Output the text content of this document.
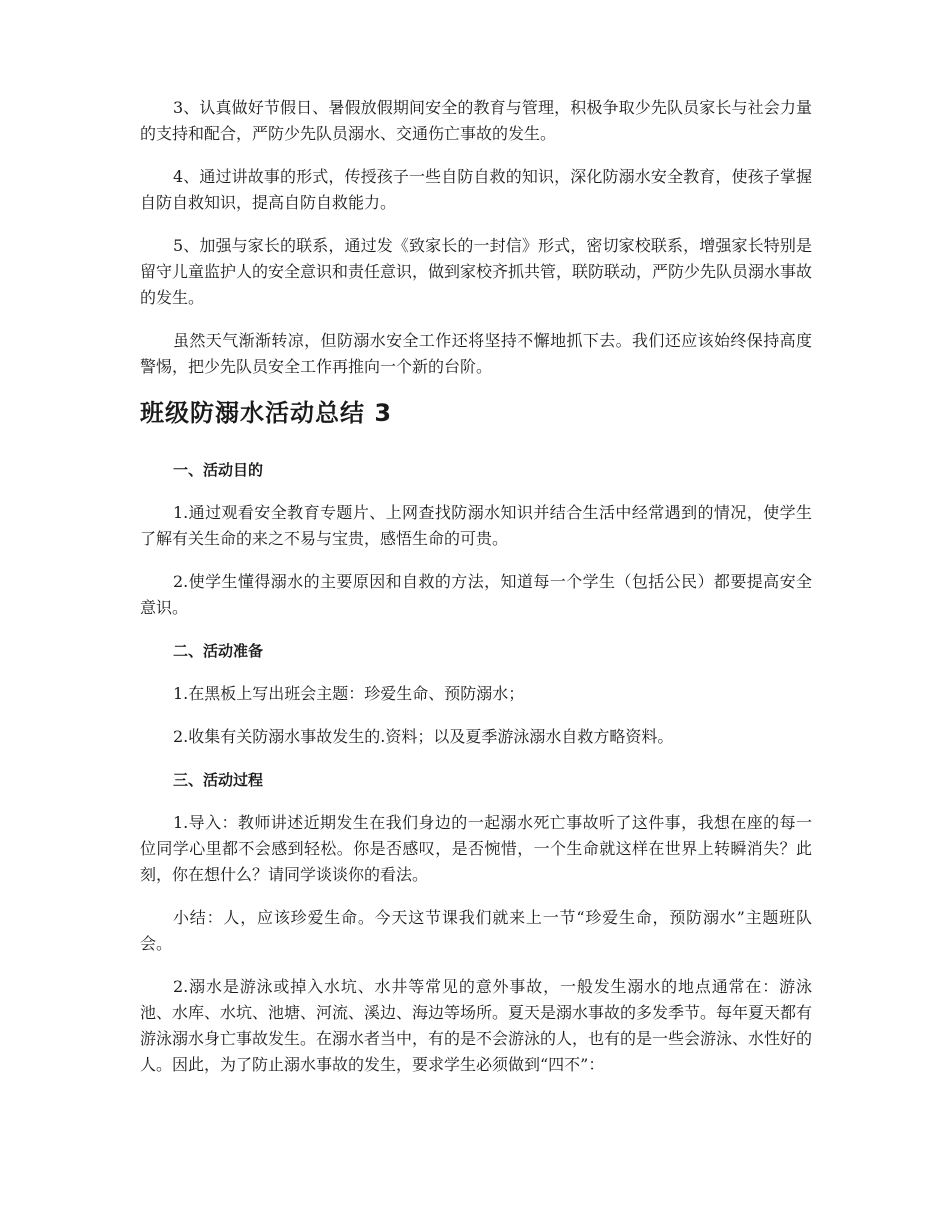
3、认真做好节假日、暑假放假期间安全的教育与管理，积极争取少先队员家长与社会力量的支持和配合，严防少先队员溺水、交通伤亡事故的发生。

4、通过讲故事的形式，传授孩子一些自防自救的知识，深化防溺水安全教育，使孩子掌握自防自救知识，提高自防自救能力。

5、加强与家长的联系，通过发《致家长的一封信》形式，密切家校联系，增强家长特别是留守儿童监护人的安全意识和责任意识，做到家校齐抓共管，联防联动，严防少先队员溺水事故的发生。

虽然天气渐渐转凉，但防溺水安全工作还将坚持不懈地抓下去。我们还应该始终保持高度警惕，把少先队员安全工作再推向一个新的台阶。

班级防溺水活动总结 3

一、活动目的

1.通过观看安全教育专题片、上网查找防溺水知识并结合生活中经常遇到的情况，使学生了解有关生命的来之不易与宝贵，感悟生命的可贵。

2.使学生懂得溺水的主要原因和自救的方法，知道每一个学生（包括公民）都要提高安全意识。

二、活动准备

1.在黑板上写出班会主题：珍爱生命、预防溺水；

2.收集有关防溺水事故发生的.资料；以及夏季游泳溺水自救方略资料。

三、活动过程

1.导入：教师讲述近期发生在我们身边的一起溺水死亡事故听了这件事，我想在座的每一位同学心里都不会感到轻松。你是否感叹，是否惋惜，一个生命就这样在世界上转瞬消失？此刻，你在想什么？请同学谈谈你的看法。

小结：人，应该珍爱生命。今天这节课我们就来上一节“珍爱生命，预防溺水”主题班队会。

2.溺水是游泳或掉入水坑、水井等常见的意外事故，一般发生溺水的地点通常在：游泳池、水库、水坑、池塘、河流、溪边、海边等场所。夏天是溺水事故的多发季节。每年夏天都有游泳溺水身亡事故发生。在溺水者当中，有的是不会游泳的人，也有的是一些会游泳、水性好的人。因此，为了防止溺水事故的发生，要求学生必须做到“四不”：
